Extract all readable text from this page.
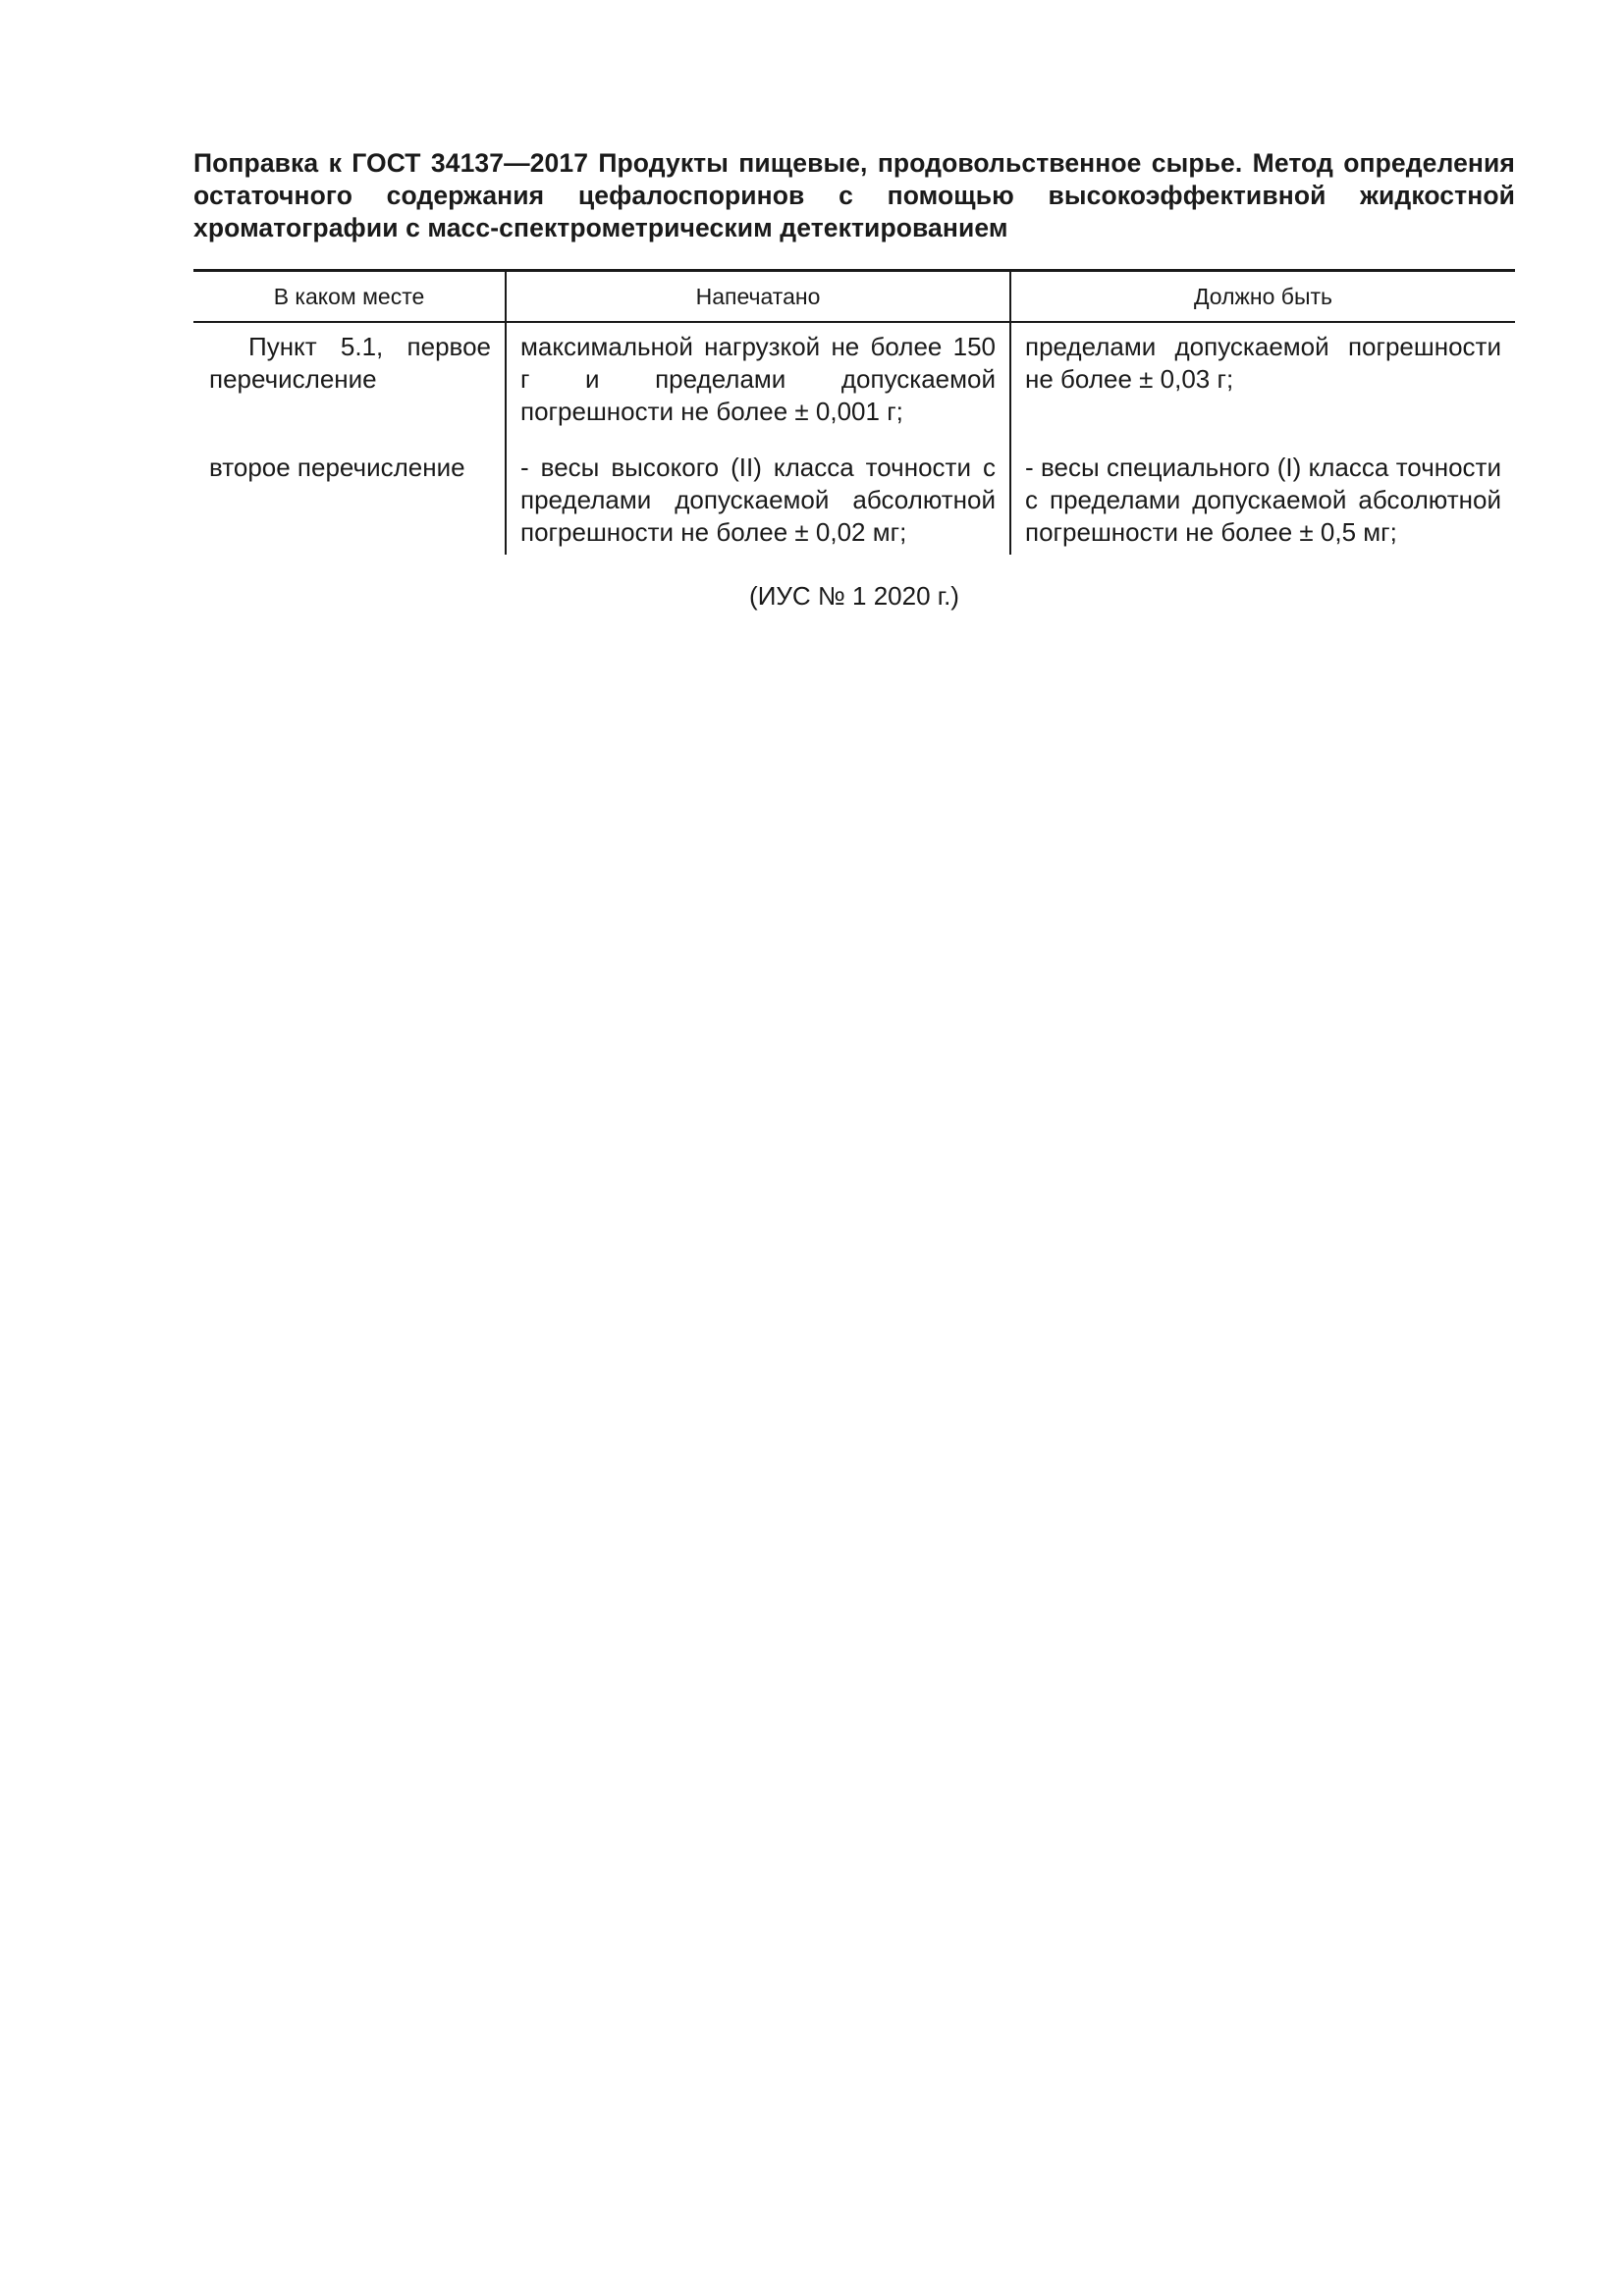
Поправка к ГОСТ 34137—2017 Продукты пищевые, продовольственное сырье. Метод определения остаточного содержания цефалоспоринов с помощью высокоэффективной жидкостной хроматографии с масс-спектрометрическим детектированием

В каком месте	Напечатано	Должно быть
Пункт 5.1, первое перечисление	максимальной нагрузкой не более 150 г и пределами допускаемой погрешности не более ± 0,001 г;	пределами допускаемой погрешности не более ± 0,03 г;
второе перечисление	- весы высокого (II) класса точности с пределами допускаемой абсолютной погрешности не более ± 0,02 мг;	- весы специального (I) класса точности с пределами допускаемой абсолютной погрешности не более ± 0,5 мг;
(ИУС № 1 2020 г.)
